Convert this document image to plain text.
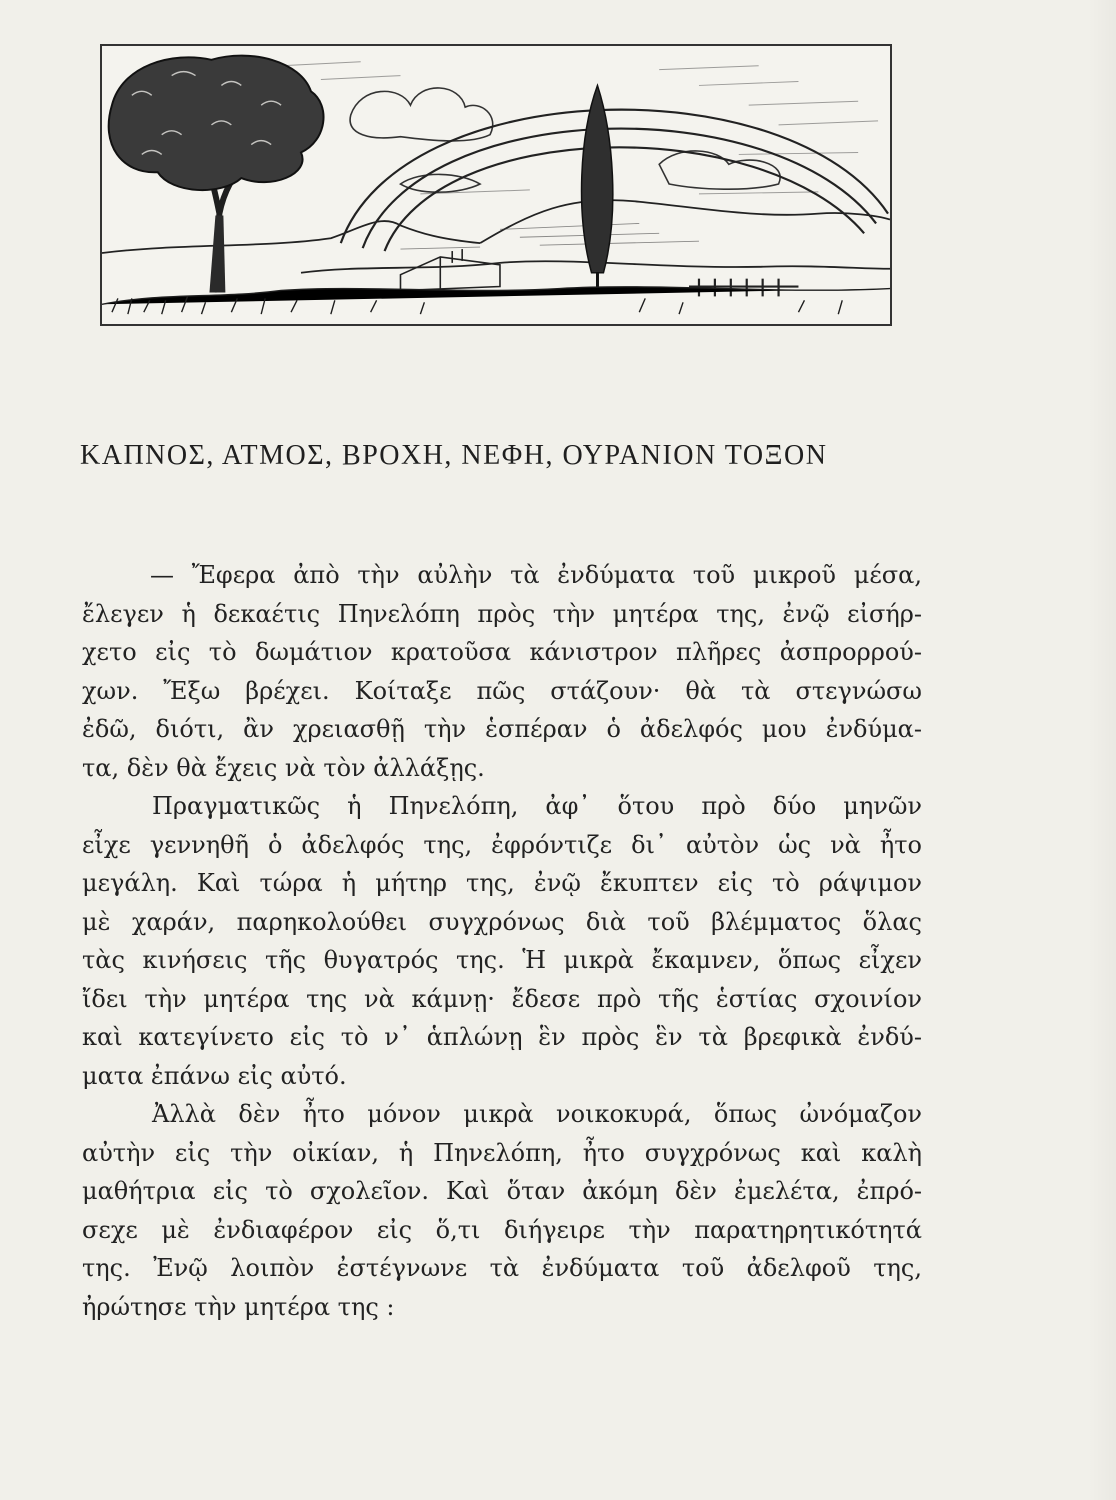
ΚΑΠΝΟΣ, ΑΤΜΟΣ, ΒΡΟΧΗ, ΝΕΦΗ, ΟΥΡΑΝΙΟΝ ΤΟΞΟΝ
— Ἔφερα ἀπὸ τὴν αὐλὴν τὰ ἐνδύματα τοῦ μικροῦ μέσα,
ἔλεγεν ἡ δεκαέτις Πηνελόπη πρὸς τὴν μητέρα της, ἐνῷ εἰσήρ-
χετο εἰς τὸ δωμάτιον κρατοῦσα κάνιστρον πλῆρες ἀσπρορρού-
χων. Ἔξω βρέχει. Κοίταξε πῶς στάζουν· θὰ τὰ στεγνώσω
ἐδῶ, διότι, ἂν χρειασθῇ τὴν ἑσπέραν ὁ ἀδελφός μου ἐνδύμα-
τα, δὲν θὰ ἔχεις νὰ τὸν ἀλλάξῃς.
Πραγματικῶς ἡ Πηνελόπη, ἀφ᾽ ὅτου πρὸ δύο μηνῶν
εἶχε γεννηθῆ ὁ ἀδελφός της, ἐφρόντιζε δι᾽ αὐτὸν ὡς νὰ ἦτο
μεγάλη. Καὶ τώρα ἡ μήτηρ της, ἐνῷ ἔκυπτεν εἰς τὸ ράψιμον
μὲ χαράν, παρηκολούθει συγχρόνως διὰ τοῦ βλέμματος ὅλας
τὰς κινήσεις τῆς θυγατρός της. Ἡ μικρὰ ἔκαμνεν, ὅπως εἶχεν
ἴδει τὴν μητέρα της νὰ κάμνῃ· ἔδεσε πρὸ τῆς ἑστίας σχοινίον
καὶ κατεγίνετο εἰς τὸ ν᾽ ἁπλώνῃ ἓν πρὸς ἓν τὰ βρεφικὰ ἐνδύ-
ματα ἐπάνω εἰς αὐτό.
Ἀλλὰ δὲν ἦτο μόνον μικρὰ νοικοκυρά, ὅπως ὠνόμαζον
αὐτὴν εἰς τὴν οἰκίαν, ἡ Πηνελόπη, ἦτο συγχρόνως καὶ καλὴ
μαθήτρια εἰς τὸ σχολεῖον. Καὶ ὅταν ἀκόμη δὲν ἐμελέτα, ἐπρό-
σεχε μὲ ἐνδιαφέρον εἰς ὅ,τι διήγειρε τὴν παρατηρητικότητά
της. Ἐνῷ λοιπὸν ἐστέγνωνε τὰ ἐνδύματα τοῦ ἀδελφοῦ της,
ἠρώτησε τὴν μητέρα της :
